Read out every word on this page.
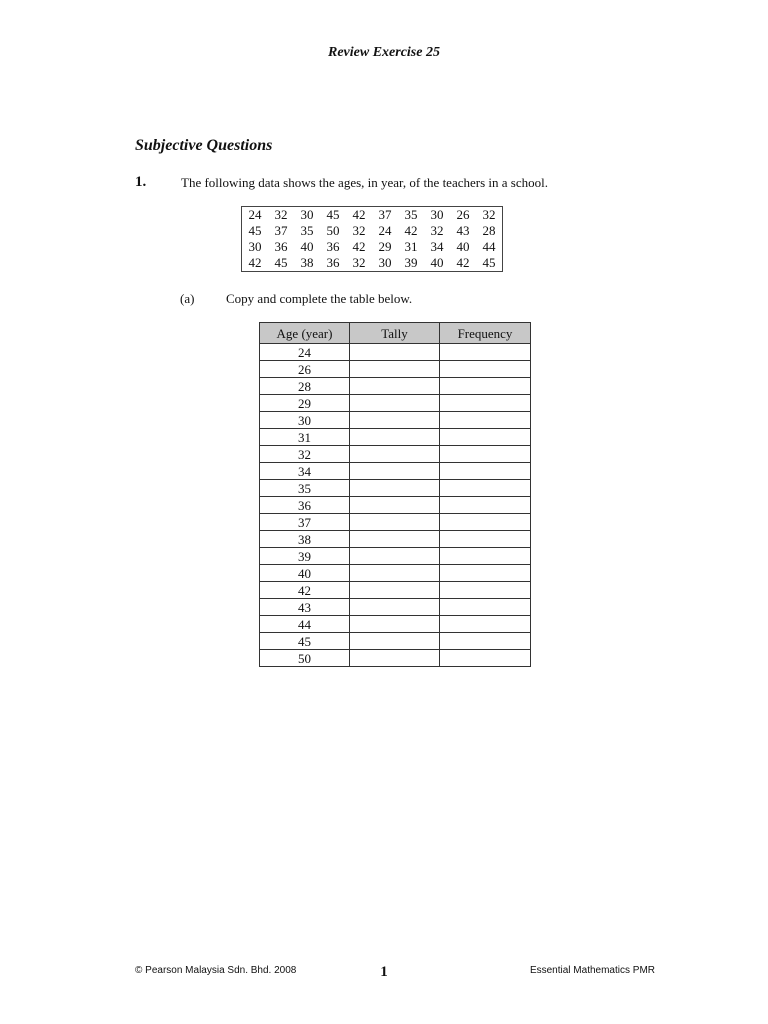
Review Exercise 25
Subjective Questions
1.	The following data shows the ages, in year, of the teachers in a school.
24	32	30	45	42	37	35	30	26	32
45	37	35	50	32	24	42	32	43	28
30	36	40	36	42	29	31	34	40	44
42	45	38	36	32	30	39	40	42	45
(a) Copy and complete the table below.
Age (year)	Tally	Frequency
24		
26		
28		
29		
30		
31		
32		
34		
35		
36		
37		
38		
39		
40		
42		
43		
44		
45		
50		
© Pearson Malaysia Sdn. Bhd. 2008	1	Essential Mathematics PMR
